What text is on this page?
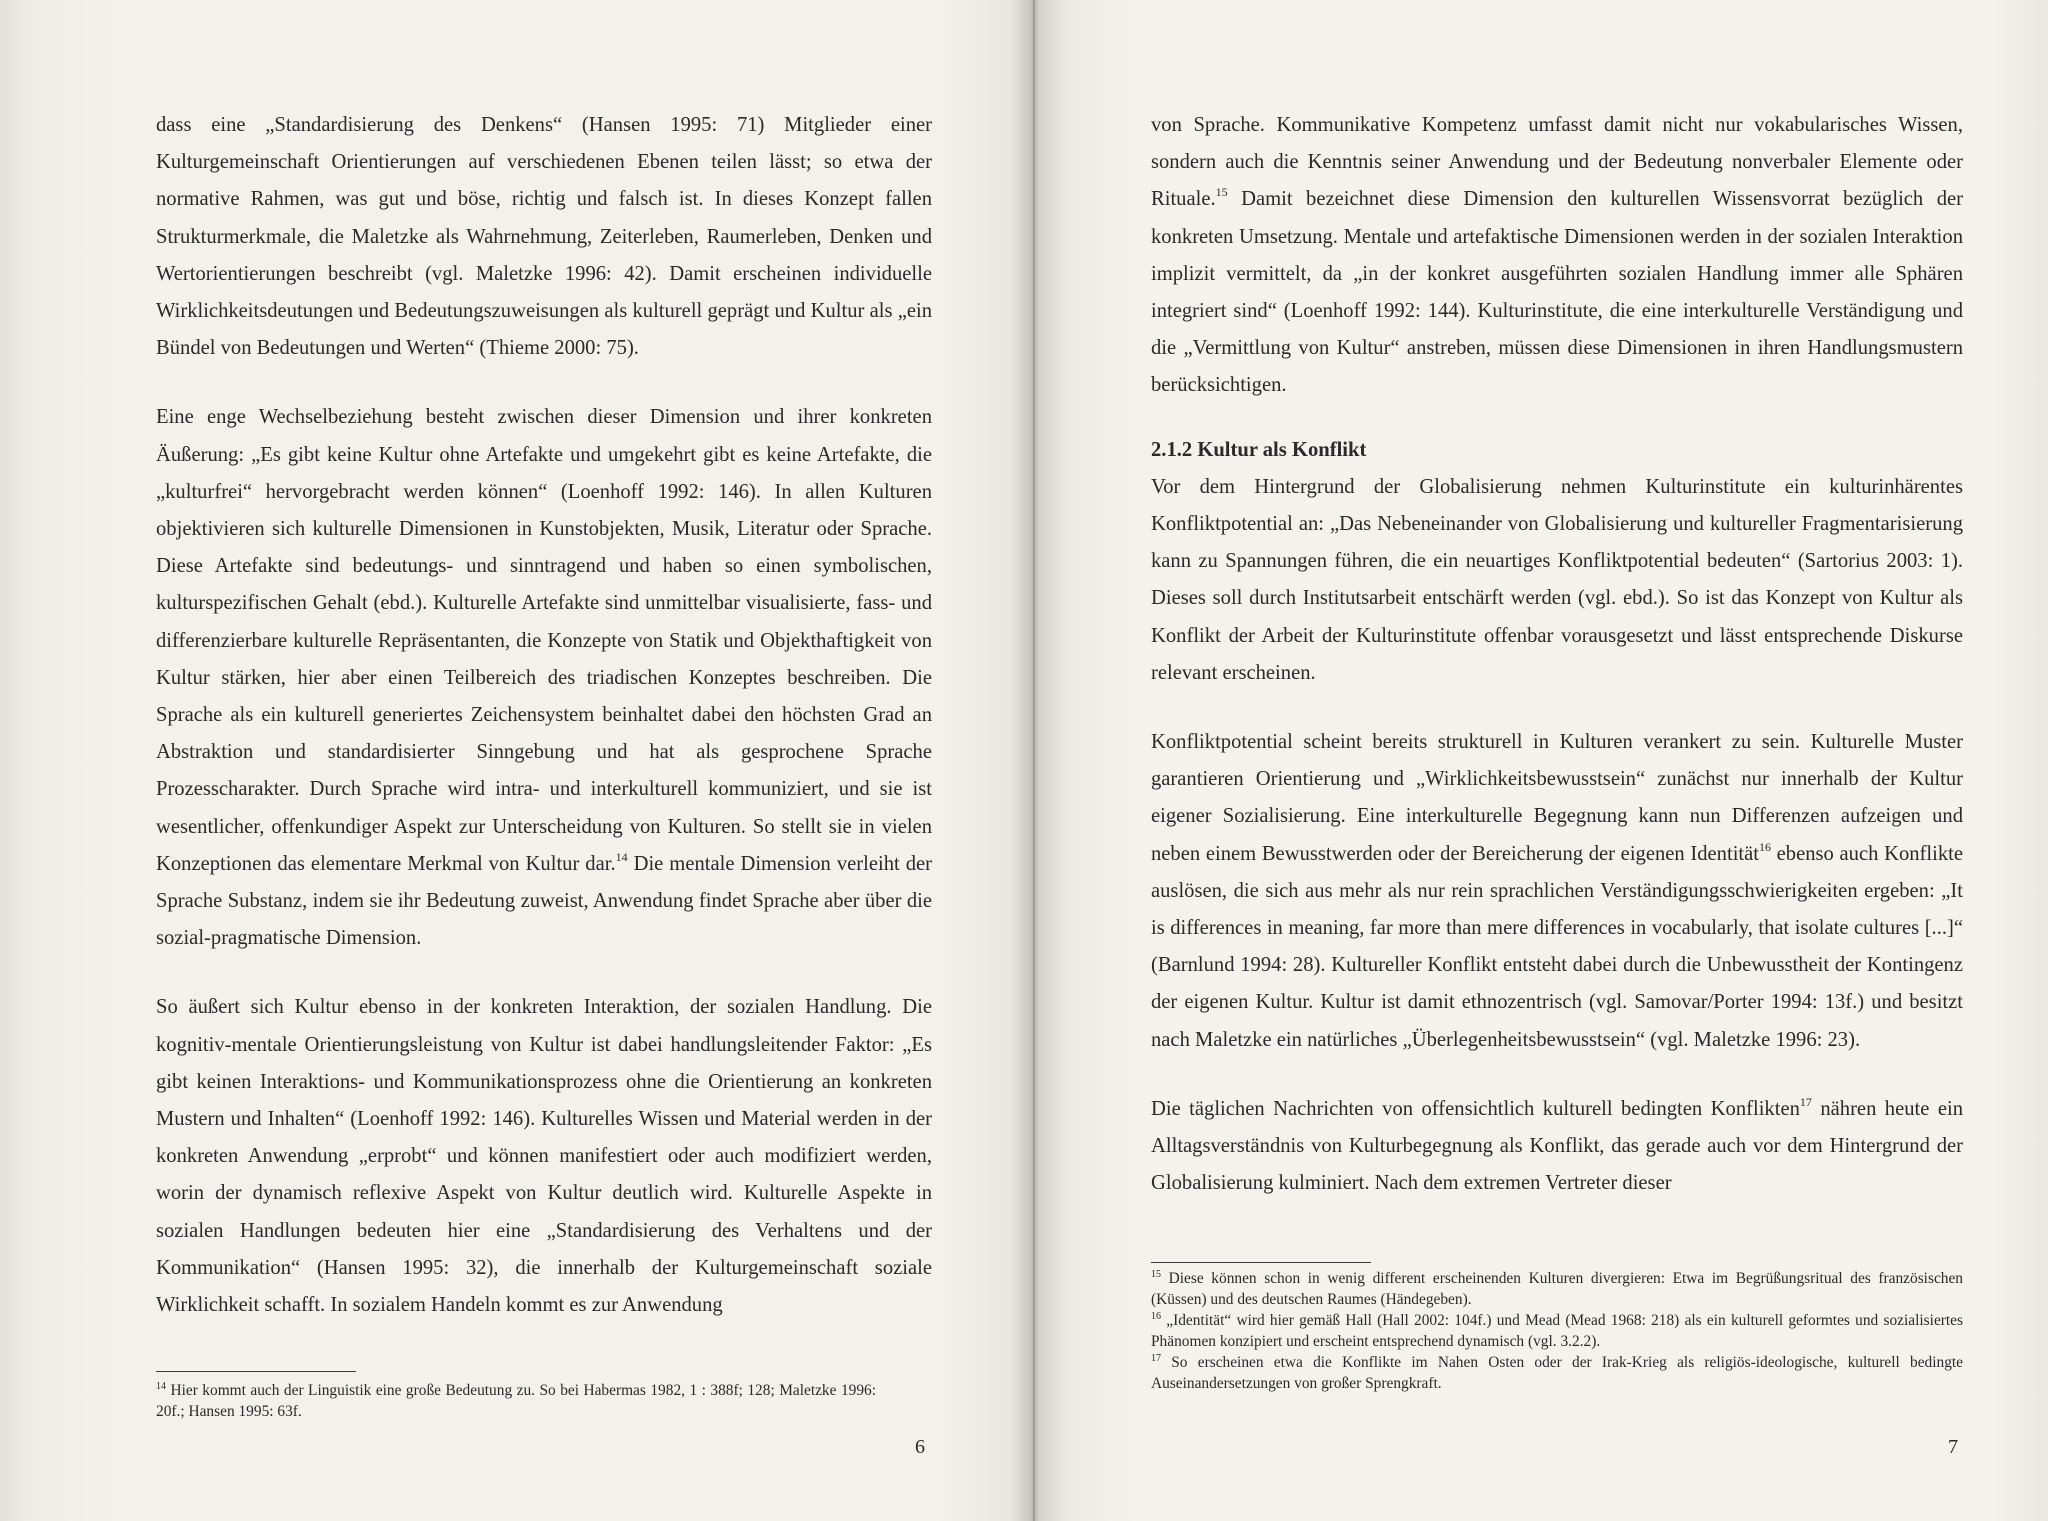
dass eine „Standardisierung des Denkens“ (Hansen 1995: 71) Mitglieder einer Kulturgemeinschaft Orientierungen auf verschiedenen Ebenen teilen lässt; so etwa der normative Rahmen, was gut und böse, richtig und falsch ist. In dieses Konzept fallen Strukturmerkmale, die Maletzke als Wahrnehmung, Zeiterleben, Raumerleben, Denken und Wertorientierungen beschreibt (vgl. Maletzke 1996: 42). Damit erscheinen individuelle Wirklichkeitsdeutungen und Bedeutungszuweisungen als kulturell geprägt und Kultur als „ein Bündel von Bedeutungen und Werten“ (Thieme 2000: 75).

Eine enge Wechselbeziehung besteht zwischen dieser Dimension und ihrer konkreten Äußerung: „Es gibt keine Kultur ohne Artefakte und umgekehrt gibt es keine Artefakte, die „kulturfrei“ hervorgebracht werden können“ (Loenhoff 1992: 146). In allen Kulturen objektivieren sich kulturelle Dimensionen in Kunstobjekten, Musik, Literatur oder Sprache. Diese Artefakte sind bedeutungs- und sinntragend und haben so einen symbolischen, kulturspezifischen Gehalt (ebd.). Kulturelle Artefakte sind unmittelbar visualisierte, fass- und differenzierbare kulturelle Repräsentanten, die Konzepte von Statik und Objekthaftigkeit von Kultur stärken, hier aber einen Teilbereich des triadischen Konzeptes beschreiben. Die Sprache als ein kulturell generiertes Zeichensystem beinhaltet dabei den höchsten Grad an Abstraktion und standardisierter Sinngebung und hat als gesprochene Sprache Prozesscharakter. Durch Sprache wird intra- und interkulturell kommuniziert, und sie ist wesentlicher, offenkundiger Aspekt zur Unterscheidung von Kulturen. So stellt sie in vielen Konzeptionen das elementare Merkmal von Kultur dar.$^{14}$ Die mentale Dimension verleiht der Sprache Substanz, indem sie ihr Bedeutung zuweist, Anwendung findet Sprache aber über die sozial-pragmatische Dimension.

So äußert sich Kultur ebenso in der konkreten Interaktion, der sozialen Handlung. Die kognitiv-mentale Orientierungsleistung von Kultur ist dabei handlungsleitender Faktor: „Es gibt keinen Interaktions- und Kommunikationsprozess ohne die Orientierung an konkreten Mustern und Inhalten“ (Loenhoff 1992: 146). Kulturelles Wissen und Material werden in der konkreten Anwendung „erprobt“ und können manifestiert oder auch modifiziert werden, worin der dynamisch reflexive Aspekt von Kultur deutlich wird. Kulturelle Aspekte in sozialen Handlungen bedeuten hier eine „Standardisierung des Verhaltens und der Kommunikation“ (Hansen 1995: 32), die innerhalb der Kulturgemeinschaft soziale Wirklichkeit schafft. In sozialem Handeln kommt es zur Anwendung

$^{14}$ Hier kommt auch der Linguistik eine große Bedeutung zu. So bei Habermas 1982, 1 : 388f; 128; Maletzke 1996: 20f.; Hansen 1995: 63f.

6

von Sprache. Kommunikative Kompetenz umfasst damit nicht nur vokabularisches Wissen, sondern auch die Kenntnis seiner Anwendung und der Bedeutung nonverbaler Elemente oder Rituale.$^{15}$ Damit bezeichnet diese Dimension den kulturellen Wissensvorrat bezüglich der konkreten Umsetzung. Mentale und artefaktische Dimensionen werden in der sozialen Interaktion implizit vermittelt, da „in der konkret ausgeführten sozialen Handlung immer alle Sphären integriert sind“ (Loenhoff 1992: 144). Kulturinstitute, die eine interkulturelle Verständigung und die „Vermittlung von Kultur“ anstreben, müssen diese Dimensionen in ihren Handlungsmustern berücksichtigen.

2.1.2 Kultur als Konflikt

Vor dem Hintergrund der Globalisierung nehmen Kulturinstitute ein kulturinhärentes Konfliktpotential an: „Das Nebeneinander von Globalisierung und kultureller Fragmentarisierung kann zu Spannungen führen, die ein neuartiges Konfliktpotential bedeuten“ (Sartorius 2003: 1). Dieses soll durch Institutsarbeit entschärft werden (vgl. ebd.). So ist das Konzept von Kultur als Konflikt der Arbeit der Kulturinstitute offenbar vorausgesetzt und lässt entsprechende Diskurse relevant erscheinen.

Konfliktpotential scheint bereits strukturell in Kulturen verankert zu sein. Kulturelle Muster garantieren Orientierung und „Wirklichkeitsbewusstsein“ zunächst nur innerhalb der Kultur eigener Sozialisierung. Eine interkulturelle Begegnung kann nun Differenzen aufzeigen und neben einem Bewusstwerden oder der Bereicherung der eigenen Identität$^{16}$ ebenso auch Konflikte auslösen, die sich aus mehr als nur rein sprachlichen Verständigungsschwierigkeiten ergeben: „It is differences in meaning, far more than mere differences in vocabularly, that isolate cultures [...]“ (Barnlund 1994: 28). Kultureller Konflikt entsteht dabei durch die Unbewusstheit der Kontingenz der eigenen Kultur. Kultur ist damit ethnozentrisch (vgl. Samovar/Porter 1994: 13f.) und besitzt nach Maletzke ein natürliches „Überlegenheitsbewusstsein“ (vgl. Maletzke 1996: 23).

Die täglichen Nachrichten von offensichtlich kulturell bedingten Konflikten$^{17}$ nähren heute ein Alltagsverständnis von Kulturbegegnung als Konflikt, das gerade auch vor dem Hintergrund der Globalisierung kulminiert. Nach dem extremen Vertreter dieser

$^{15}$ Diese können schon in wenig different erscheinenden Kulturen divergieren: Etwa im Begrüßungsritual des französischen (Küssen) und des deutschen Raumes (Händegeben).

$^{16}$ „Identität“ wird hier gemäß Hall (Hall 2002: 104f.) und Mead (Mead 1968: 218) als ein kulturell geformtes und sozialisiertes Phänomen konzipiert und erscheint entsprechend dynamisch (vgl. 3.2.2).

$^{17}$ So erscheinen etwa die Konflikte im Nahen Osten oder der Irak-Krieg als religiös-ideologische, kulturell bedingte Auseinandersetzungen von großer Sprengkraft.

7
